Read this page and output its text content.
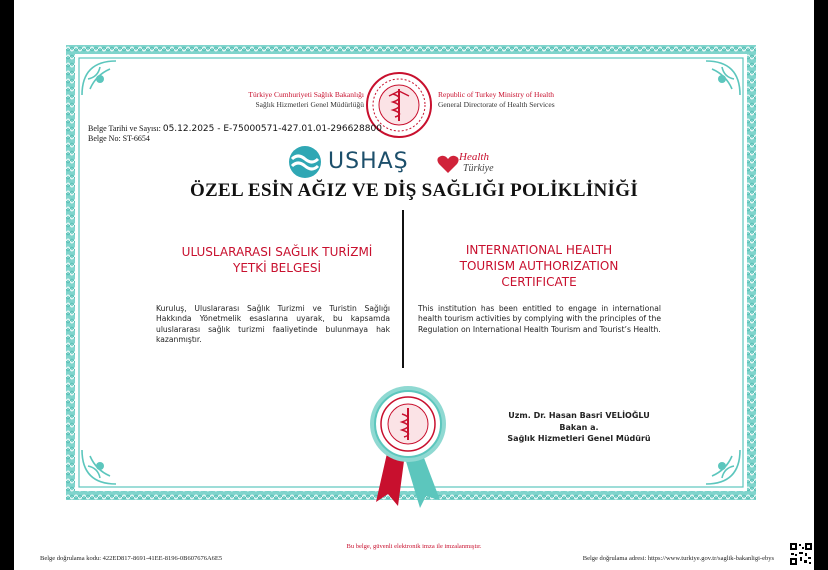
Türkiye Cumhuriyeti Sağlık Bakanlığı
Sağlık Hizmetleri Genel Müdürlüğü
Republic of Turkey Ministry of Health
General Directorate of Health Services
Belge Tarihi ve Sayısı: 05.12.2025 - E-75000571-427.01.01-296628800
Belge No: ST-6654
USHAŞ	Health
Türkiye
ÖZEL ESİN AĞIZ VE DİŞ SAĞLIĞI POLİKLİNİĞİ
ULUSLARARASI SAĞLIK TURİZMİ
YETKİ BELGESİ
Kuruluş, Uluslararası Sağlık Turizmi ve Turistin Sağlığı Hakkında Yönetmelik esaslarına uyarak, bu kapsamda uluslararası sağlık turizmi faaliyetinde bulunmaya hak kazanmıştır.
INTERNATIONAL HEALTH
TOURISM AUTHORIZATION
CERTIFICATE
This institution has been entitled to engage in international health tourism activities by complying with the principles of the Regulation on International Health Tourism and Tourist’s Health.
Uzm. Dr. Hasan Basri VELİOĞLU
Bakan a.
Sağlık Hizmetleri Genel Müdürü
Bu belge, güvenli elektronik imza ile imzalanmıştır.
Belge doğrulama kodu: 422ED817-8691-41EE-8196-0B607676A6E5	Belge doğrulama adresi: https://www.turkiye.gov.tr/saglik-bakanligi-ebys
